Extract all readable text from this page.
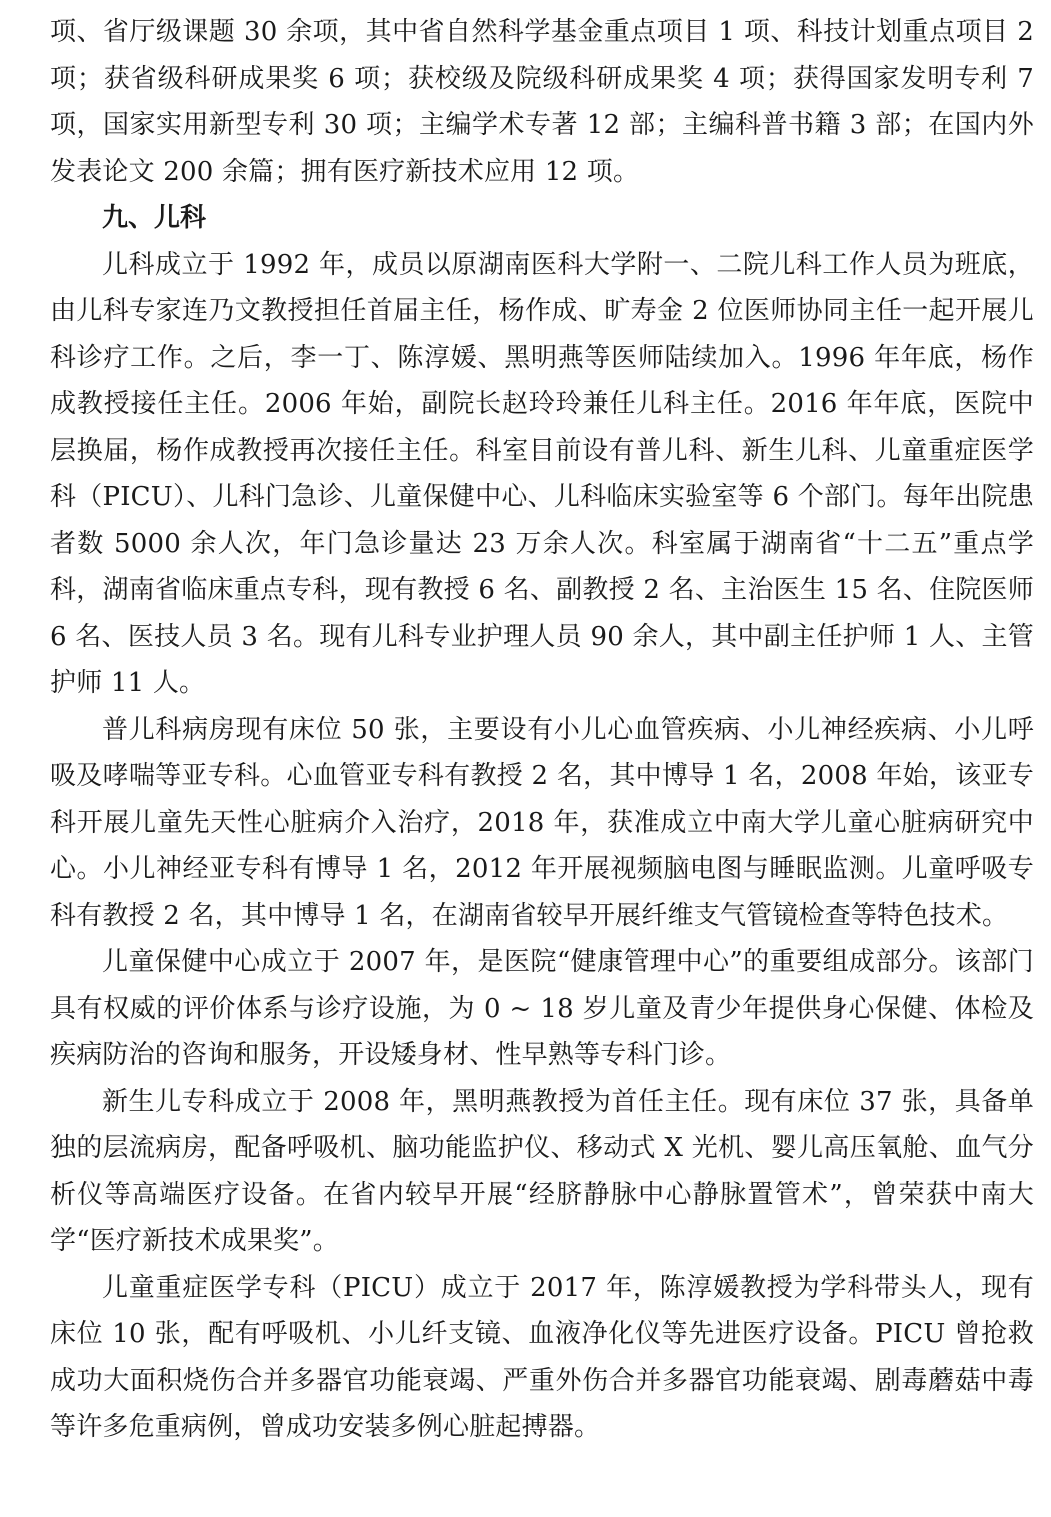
项、省厅级课题 30 余项，其中省自然科学基金重点项目 1 项、科技计划重点项目 2 项；获省级科研成果奖 6 项；获校级及院级科研成果奖 4 项；获得国家发明专利 7 项，国家实用新型专利 30 项；主编学术专著 12 部；主编科普书籍 3 部；在国内外发表论文 200 余篇；拥有医疗新技术应用 12 项。

九、儿科

儿科成立于 1992 年，成员以原湖南医科大学附一、二院儿科工作人员为班底，由儿科专家连乃文教授担任首届主任，杨作成、旷寿金 2 位医师协同主任一起开展儿科诊疗工作。之后，李一丁、陈淳媛、黑明燕等医师陆续加入。1996 年年底，杨作成教授接任主任。2006 年始，副院长赵玲玲兼任儿科主任。2016 年年底，医院中层换届，杨作成教授再次接任主任。科室目前设有普儿科、新生儿科、儿童重症医学科（PICU）、儿科门急诊、儿童保健中心、儿科临床实验室等 6 个部门。每年出院患者数 5000 余人次，年门急诊量达 23 万余人次。科室属于湖南省“十二五”重点学科，湖南省临床重点专科，现有教授 6 名、副教授 2 名、主治医生 15 名、住院医师 6 名、医技人员 3 名。现有儿科专业护理人员 90 余人，其中副主任护师 1 人、主管护师 11 人。

普儿科病房现有床位 50 张，主要设有小儿心血管疾病、小儿神经疾病、小儿呼吸及哮喘等亚专科。心血管亚专科有教授 2 名，其中博导 1 名，2008 年始，该亚专科开展儿童先天性心脏病介入治疗，2018 年，获准成立中南大学儿童心脏病研究中心。小儿神经亚专科有博导 1 名，2012 年开展视频脑电图与睡眠监测。儿童呼吸专科有教授 2 名，其中博导 1 名，在湖南省较早开展纤维支气管镜检查等特色技术。

儿童保健中心成立于 2007 年，是医院“健康管理中心”的重要组成部分。该部门具有权威的评价体系与诊疗设施，为 0 ~ 18 岁儿童及青少年提供身心保健、体检及疾病防治的咨询和服务，开设矮身材、性早熟等专科门诊。

新生儿专科成立于 2008 年，黑明燕教授为首任主任。现有床位 37 张，具备单独的层流病房，配备呼吸机、脑功能监护仪、移动式 X 光机、婴儿高压氧舱、血气分析仪等高端医疗设备。在省内较早开展“经脐静脉中心静脉置管术”，曾荣获中南大学“医疗新技术成果奖”。

儿童重症医学专科（PICU）成立于 2017 年，陈淳媛教授为学科带头人，现有床位 10 张，配有呼吸机、小儿纤支镜、血液净化仪等先进医疗设备。PICU 曾抢救成功大面积烧伤合并多器官功能衰竭、严重外伤合并多器官功能衰竭、剧毒蘑菇中毒等许多危重病例，曾成功安装多例心脏起搏器。
